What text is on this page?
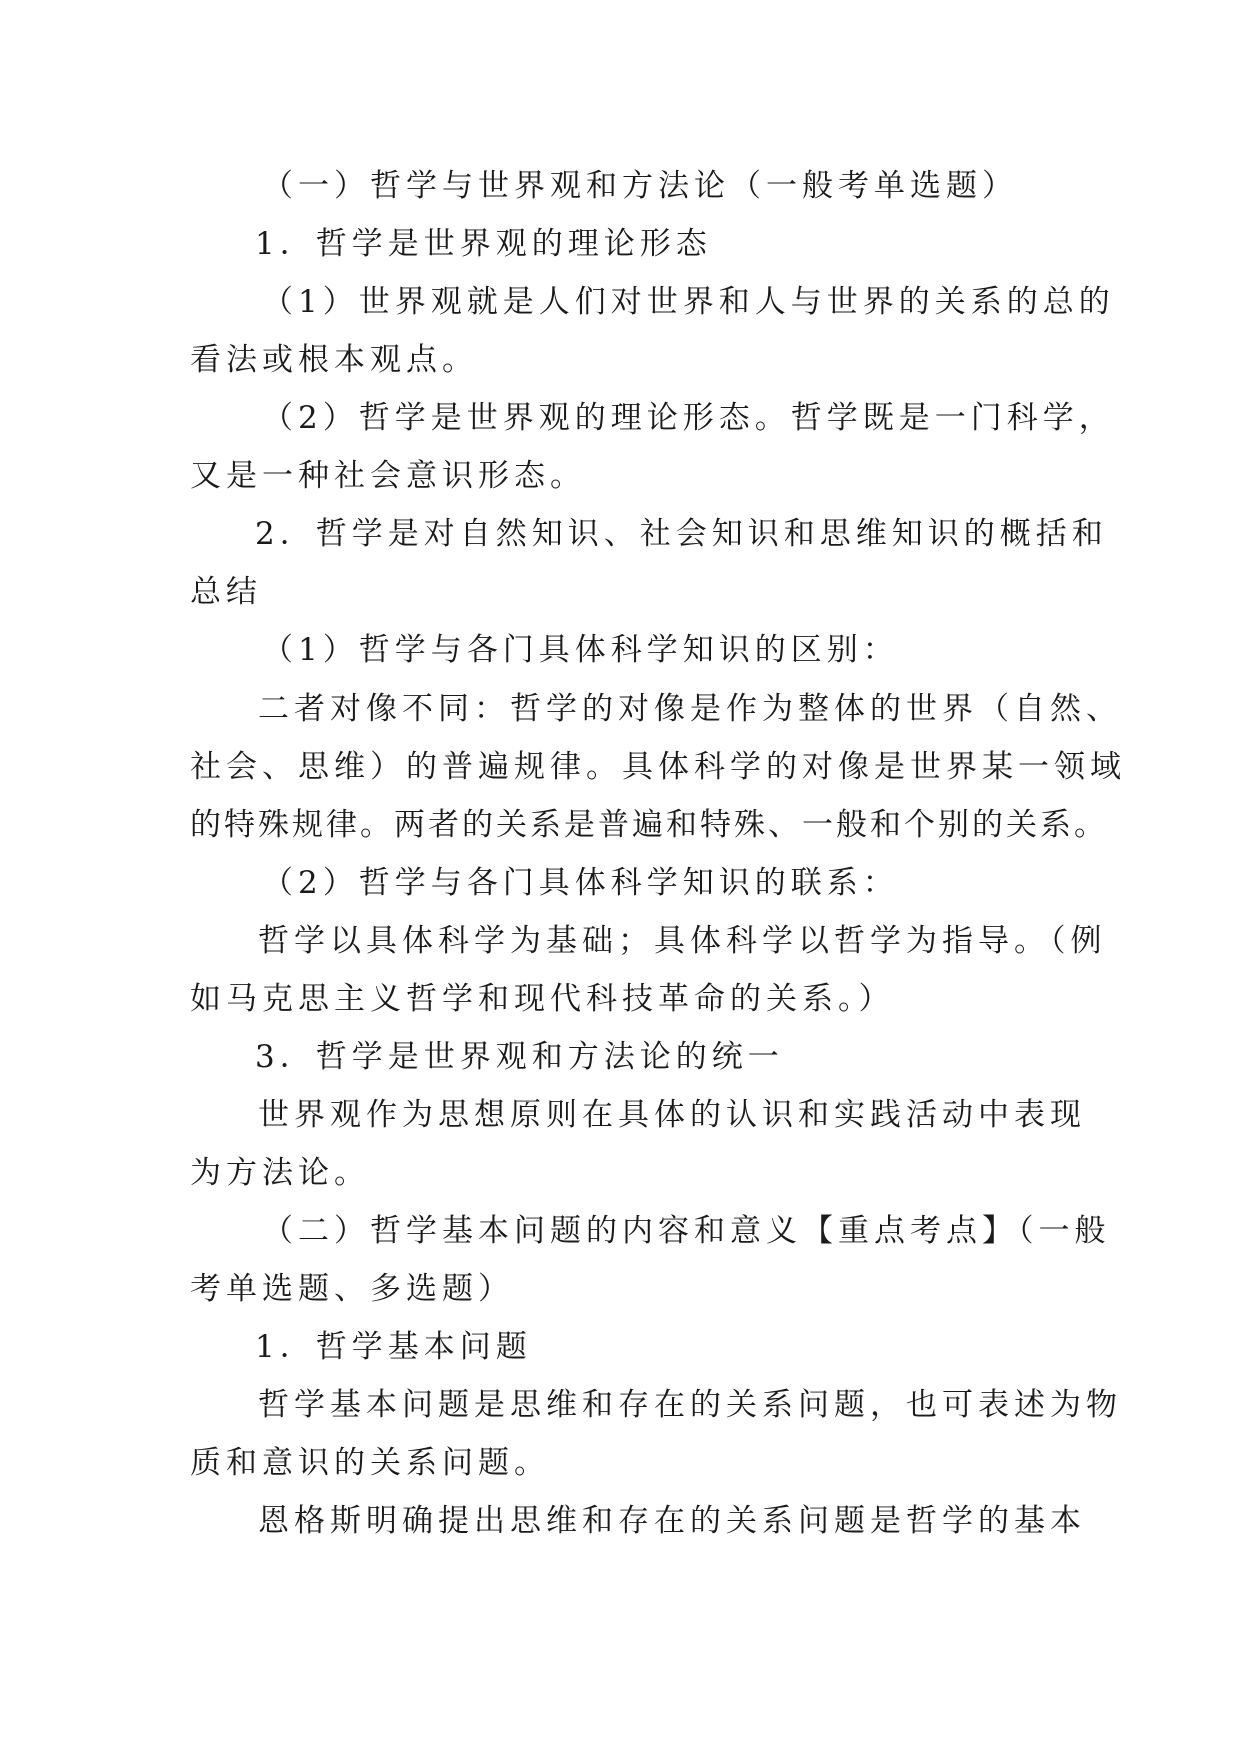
（一）哲学与世界观和方法论（一般考单选题）
1．哲学是世界观的理论形态
（1）世界观就是人们对世界和人与世界的关系的总的
看法或根本观点。
（2）哲学是世界观的理论形态。哲学既是一门科学，
又是一种社会意识形态。
2．哲学是对自然知识、社会知识和思维知识的概括和
总结
（1）哲学与各门具体科学知识的区别：
二者对像不同：哲学的对像是作为整体的世界（自然、
社会、思维）的普遍规律。具体科学的对像是世界某一领域
的特殊规律。两者的关系是普遍和特殊、一般和个别的关系。
（2）哲学与各门具体科学知识的联系：
哲学以具体科学为基础；具体科学以哲学为指导。（例
如马克思主义哲学和现代科技革命的关系。）
3．哲学是世界观和方法论的统一
世界观作为思想原则在具体的认识和实践活动中表现
为方法论。
（二）哲学基本问题的内容和意义【重点考点】（一般
考单选题、多选题）
1．哲学基本问题
哲学基本问题是思维和存在的关系问题，也可表述为物
质和意识的关系问题。
恩格斯明确提出思维和存在的关系问题是哲学的基本
